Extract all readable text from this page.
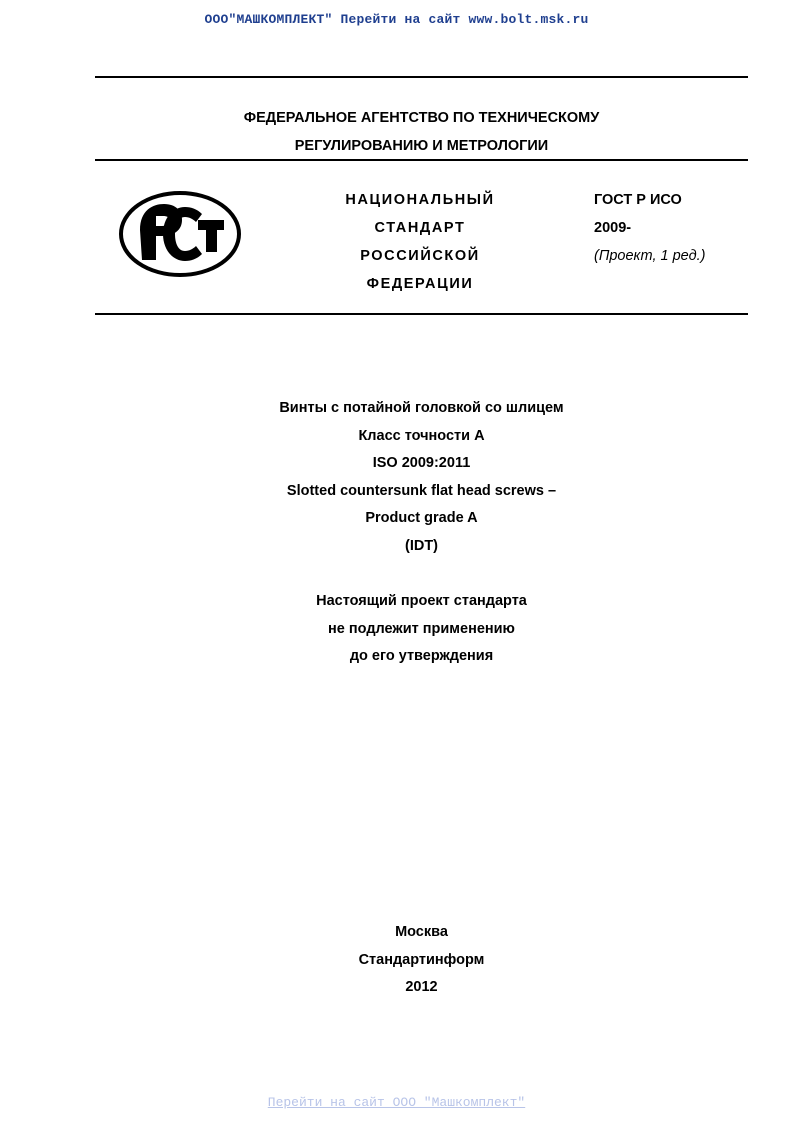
ООО"МАШКОМПЛЕКТ" Перейти на сайт www.bolt.msk.ru
ФЕДЕРАЛЬНОЕ АГЕНТСТВО ПО ТЕХНИЧЕСКОМУ
РЕГУЛИРОВАНИЮ И МЕТРОЛОГИИ
НАЦИОНАЛЬНЫЙ
СТАНДАРТ
РОССИЙСКОЙ
ФЕДЕРАЦИИ
ГОСТ Р ИСО
2009-
(Проект, 1 ред.)
Винты с потайной головкой со шлицем
Класс точности А
ISO 2009:2011
Slotted countersunk flat head screws –
Product grade A
(IDT)
Настоящий проект стандарта
не подлежит применению
до его утверждения
Москва
Стандартинформ
2012
Перейти на сайт ООО "Машкомплект"
